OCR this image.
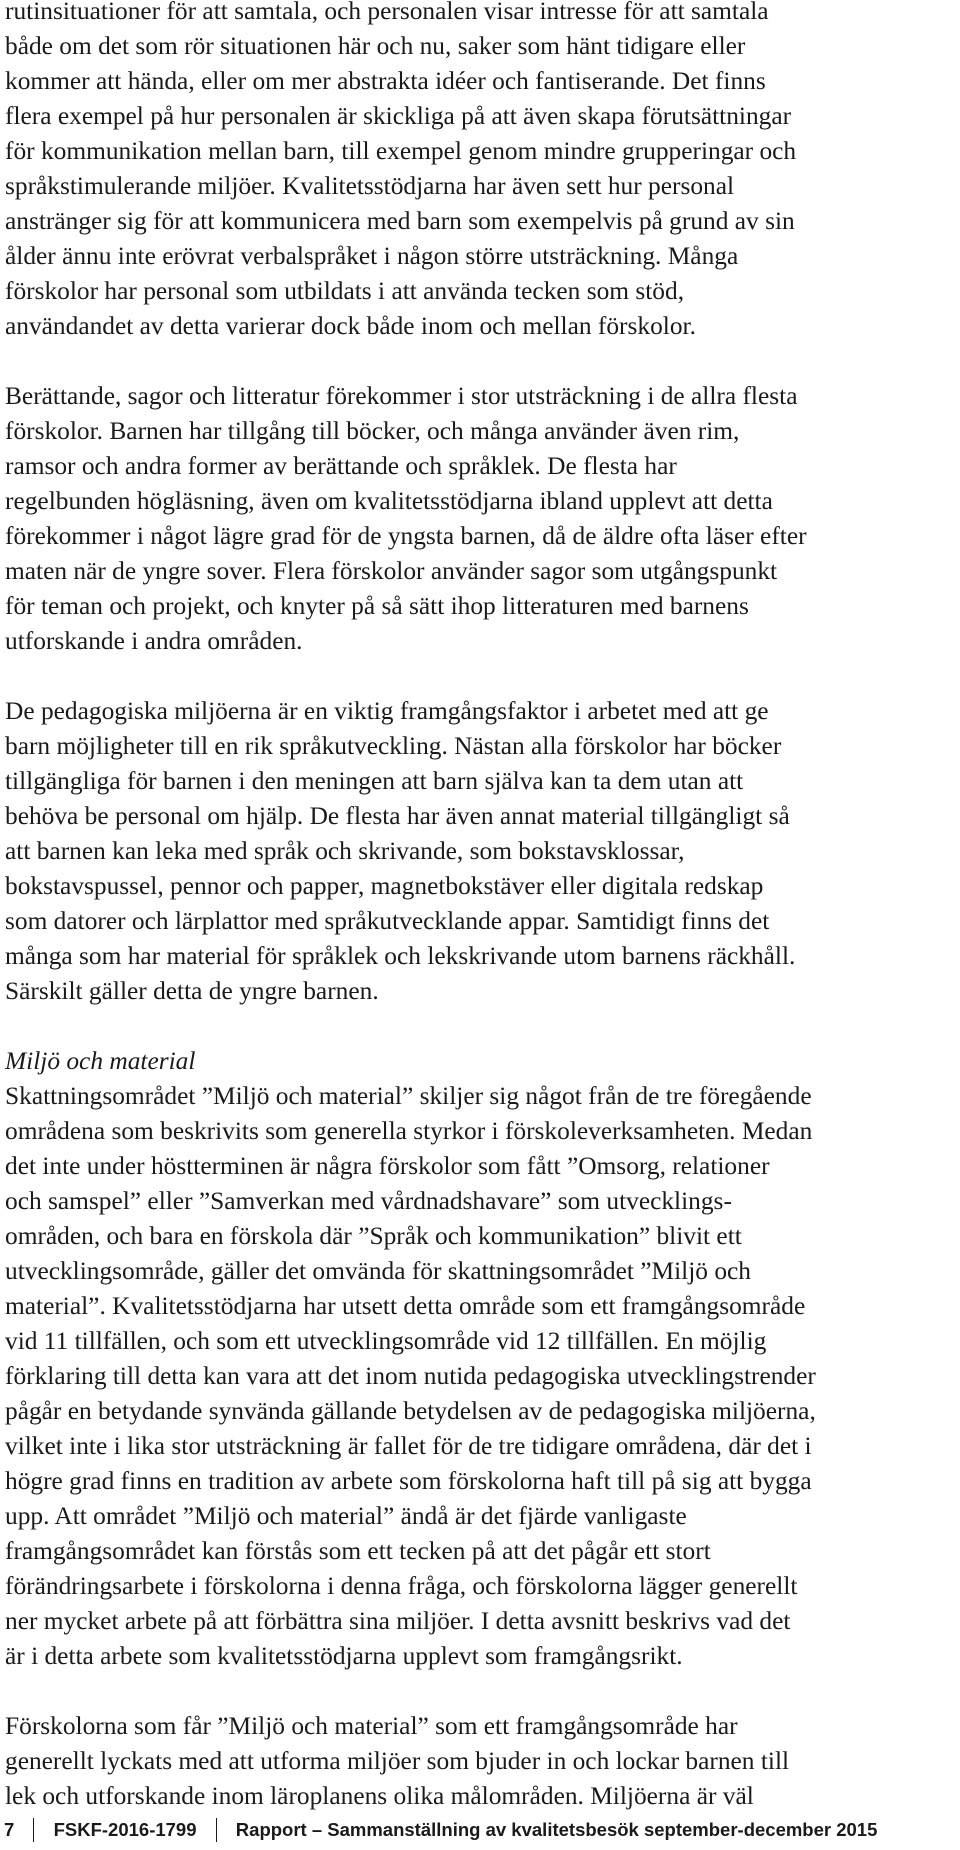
rutinsituationer för att samtala, och personalen visar intresse för att samtala
både om det som rör situationen här och nu, saker som hänt tidigare eller
kommer att hända, eller om mer abstrakta idéer och fantiserande. Det finns
flera exempel på hur personalen är skickliga på att även skapa förutsättningar
för kommunikation mellan barn, till exempel genom mindre grupperingar och
språkstimulerande miljöer. Kvalitetsstödjarna har även sett hur personal
anstränger sig för att kommunicera med barn som exempelvis på grund av sin
ålder ännu inte erövrat verbalspråket i någon större utsträckning. Många
förskolor har personal som utbildats i att använda tecken som stöd,
användandet av detta varierar dock både inom och mellan förskolor.

Berättande, sagor och litteratur förekommer i stor utsträckning i de allra flesta
förskolor. Barnen har tillgång till böcker, och många använder även rim,
ramsor och andra former av berättande och språklek. De flesta har
regelbunden högläsning, även om kvalitetsstödjarna ibland upplevt att detta
förekommer i något lägre grad för de yngsta barnen, då de äldre ofta läser efter
maten när de yngre sover. Flera förskolor använder sagor som utgångspunkt
för teman och projekt, och knyter på så sätt ihop litteraturen med barnens
utforskande i andra områden.

De pedagogiska miljöerna är en viktig framgångsfaktor i arbetet med att ge
barn möjligheter till en rik språkutveckling. Nästan alla förskolor har böcker
tillgängliga för barnen i den meningen att barn själva kan ta dem utan att
behöva be personal om hjälp. De flesta har även annat material tillgängligt så
att barnen kan leka med språk och skrivande, som bokstavsklossar,
bokstavspussel, pennor och papper, magnetbokstäver eller digitala redskap
som datorer och lärplattor med språkutvecklande appar. Samtidigt finns det
många som har material för språklek och lekskrivande utom barnens räckhåll.
Särskilt gäller detta de yngre barnen.

Miljö och material

Skattningsområdet ”Miljö och material” skiljer sig något från de tre föregående
områdena som beskrivits som generella styrkor i förskoleverksamheten. Medan
det inte under höstterminen är några förskolor som fått ”Omsorg, relationer
och samspel” eller ”Samverkan med vårdnadshavare” som utvecklings-
områden, och bara en förskola där ”Språk och kommunikation” blivit ett
utvecklingsområde, gäller det omvända för skattningsområdet ”Miljö och
material”. Kvalitetsstödjarna har utsett detta område som ett framgångsområde
vid 11 tillfällen, och som ett utvecklingsområde vid 12 tillfällen. En möjlig
förklaring till detta kan vara att det inom nutida pedagogiska utvecklingstrender
pågår en betydande synvända gällande betydelsen av de pedagogiska miljöerna,
vilket inte i lika stor utsträckning är fallet för de tre tidigare områdena, där det i
högre grad finns en tradition av arbete som förskolorna haft till på sig att bygga
upp. Att området ”Miljö och material” ändå är det fjärde vanligaste
framgångsområdet kan förstås som ett tecken på att det pågår ett stort
förändringsarbete i förskolorna i denna fråga, och förskolorna lägger generellt
ner mycket arbete på att förbättra sina miljöer. I detta avsnitt beskrivs vad det
är i detta arbete som kvalitetsstödjarna upplevt som framgångsrikt.

Förskolorna som får ”Miljö och material” som ett framgångsområde har
generellt lyckats med att utforma miljöer som bjuder in och lockar barnen till
lek och utforskande inom läroplanens olika målområden. Miljöerna är väl

7 FSKF-2016-1799 Rapport – Sammanställning av kvalitetsbesök september-december 2015
